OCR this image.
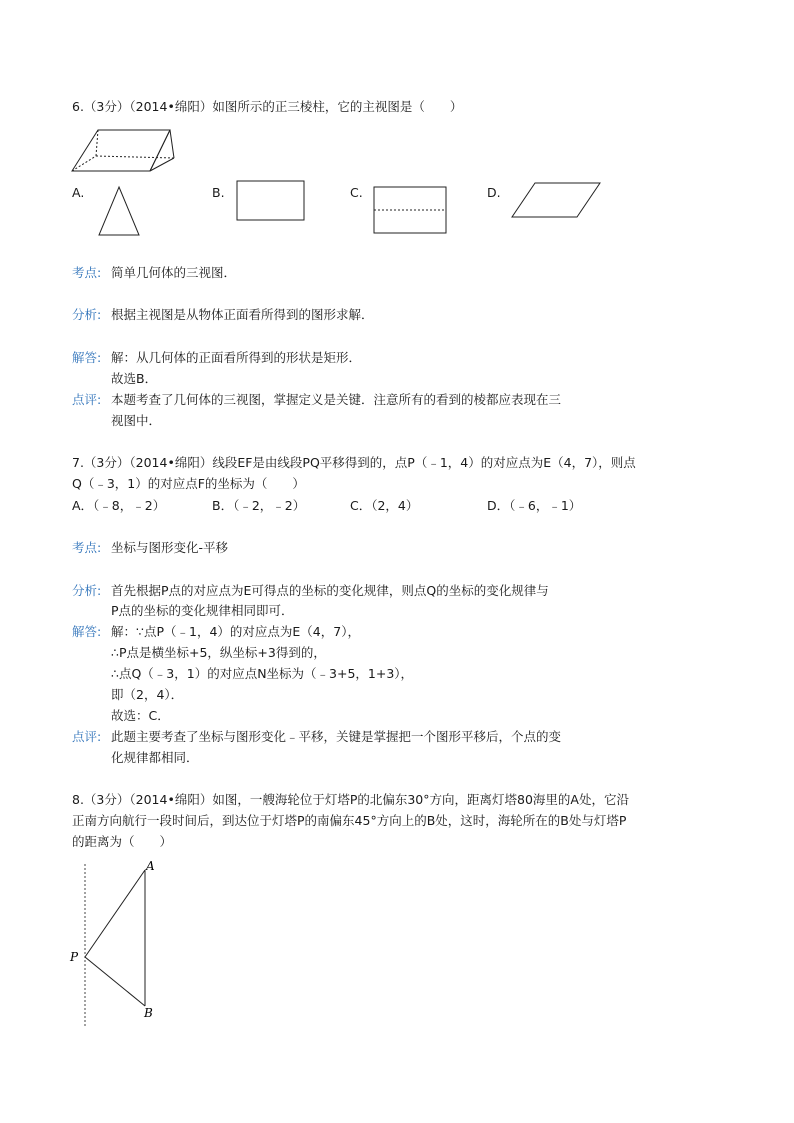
6.（3分）（2014•绵阳）如图所示的正三棱柱，它的主视图是（　　）
A.	B.	C.	D.
考点: 简单几何体的三视图．
分析: 根据主视图是从物体正面看所得到的图形求解．
解答: 解：从几何体的正面看所得到的形状是矩形．
故选B．
点评: 本题考查了几何体的三视图，掌握定义是关键．注意所有的看到的棱都应表现在三
视图中．
7.（3分）（2014•绵阳）线段EF是由线段PQ平移得到的，点P（﹣1，4）的对应点为E（4，7），则点
Q（﹣3，1）的对应点F的坐标为（　　）
A．（﹣8，﹣2）	B．（﹣2，﹣2）	C．（2，4）	D．（﹣6，﹣1）
考点: 坐标与图形变化-平移
分析: 首先根据P点的对应点为E可得点的坐标的变化规律，则点Q的坐标的变化规律与
P点的坐标的变化规律相同即可．
解答: 解：∵点P（﹣1，4）的对应点为E（4，7），
∴P点是横坐标+5，纵坐标+3得到的，
∴点Q（﹣3，1）的对应点N坐标为（﹣3+5，1+3），
即（2，4）．
故选：C．
点评: 此题主要考查了坐标与图形变化﹣平移，关键是掌握把一个图形平移后，个点的变
化规律都相同．
8.（3分）（2014•绵阳）如图，一艘海轮位于灯塔P的北偏东30°方向，距离灯塔80海里的A处，它沿
正南方向航行一段时间后，到达位于灯塔P的南偏东45°方向上的B处，这时，海轮所在的B处与灯塔P
的距离为（　　）
A
P
B
